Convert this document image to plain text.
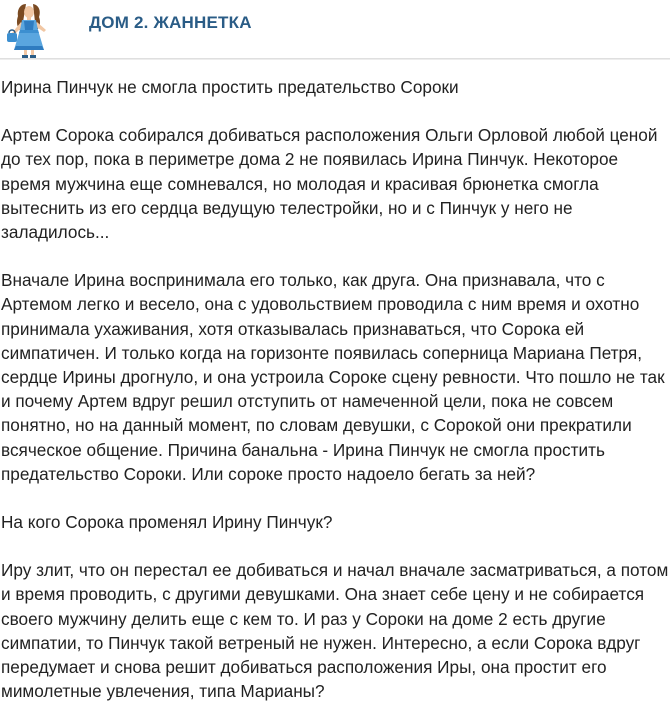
ДОМ 2. ЖАННЕТКА

Ирина Пинчук не смогла простить предательство Сороки

Артем Сорока собирался добиваться расположения Ольги Орловой любой ценой до тех пор, пока в периметре дома 2 не появилась Ирина Пинчук. Некоторое время мужчина еще сомневался, но молодая и красивая брюнетка смогла вытеснить из его сердца ведущую телестройки, но и с Пинчук у него не заладилось...

Вначале Ирина воспринимала его только, как друга. Она признавала, что с Артемом легко и весело, она с удовольствием проводила с ним время и охотно принимала ухаживания, хотя отказывалась признаваться, что Сорока ей симпатичен. И только когда на горизонте появилась соперница Мариана Петря, сердце Ирины дрогнуло, и она устроила Сороке сцену ревности. Что пошло не так и почему Артем вдруг решил отступить от намеченной цели, пока не совсем понятно, но на данный момент, по словам девушки, с Сорокой они прекратили всяческое общение. Причина банальна - Ирина Пинчук не смогла простить предательство Сороки. Или сороке просто надоело бегать за ней?

На кого Сорока променял Ирину Пинчук?

Иру злит, что он перестал ее добиваться и начал вначале засматриваться, а потом и время проводить, с другими девушками. Она знает себе цену и не собирается своего мужчину делить еще с кем то. И раз у Сороки на доме 2 есть другие симпатии, то Пинчук такой ветреный не нужен. Интересно, а если Сорока вдруг передумает и снова решит добиваться расположения Иры, она простит его мимолетные увлечения, типа Марианы?
